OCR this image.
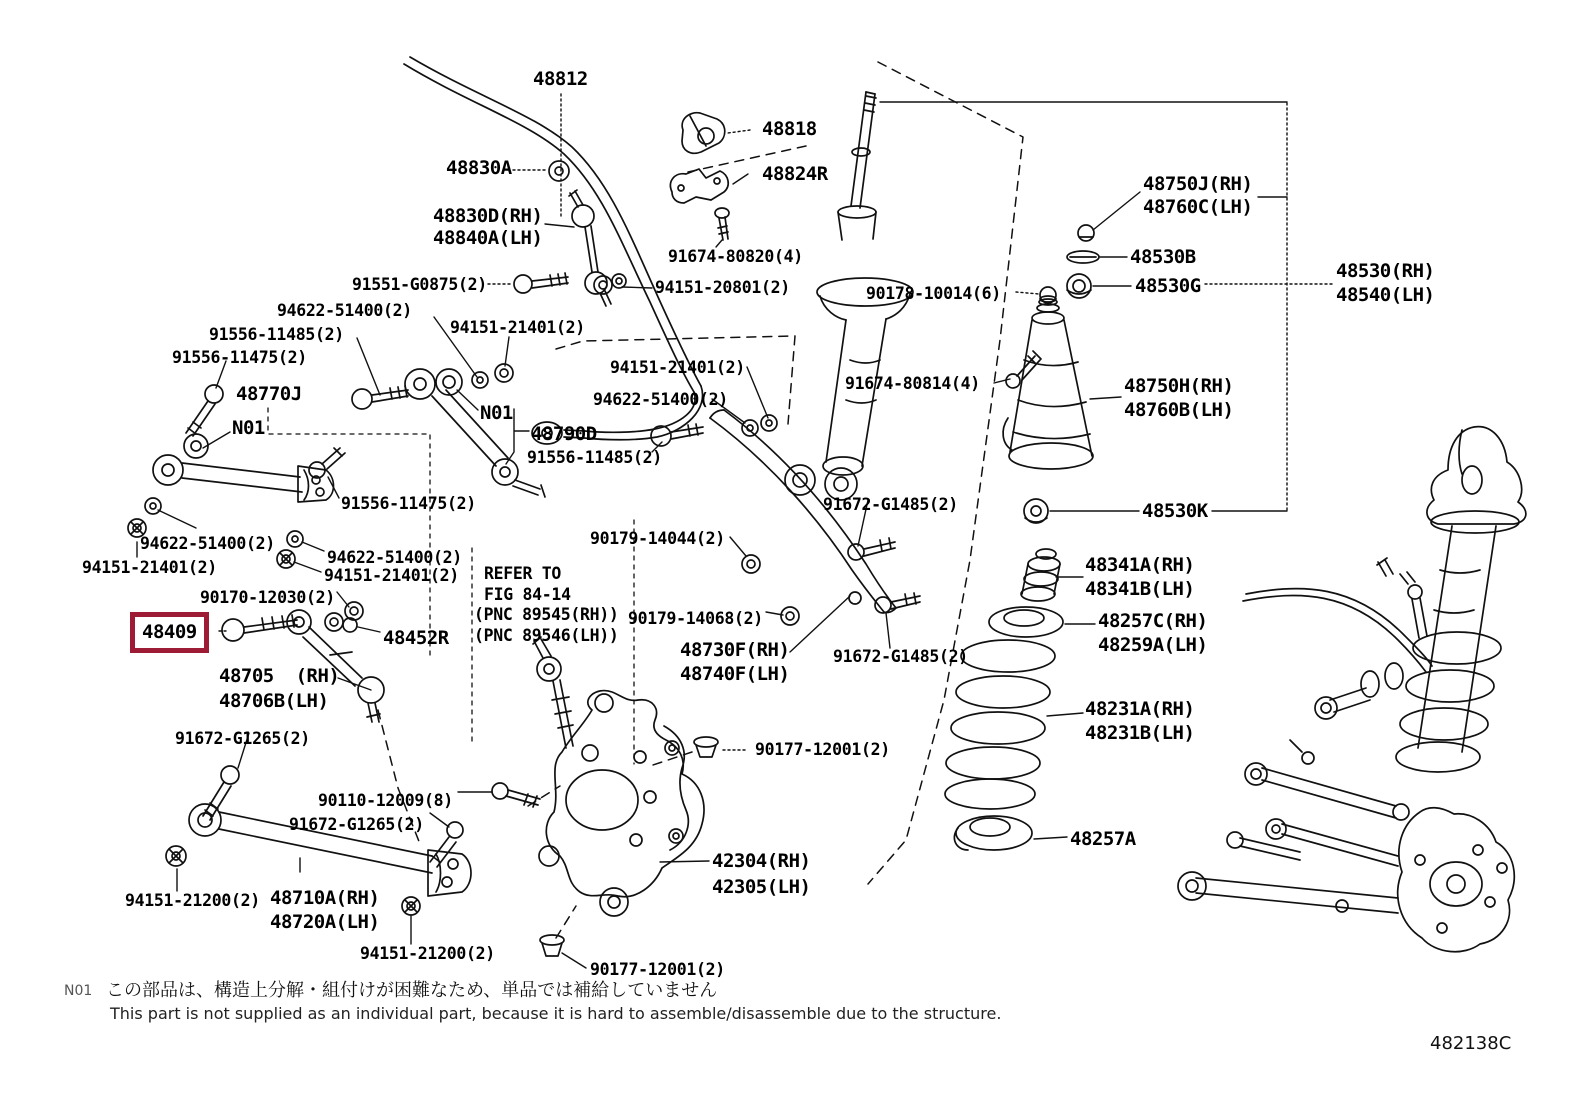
48812
48818
48830A	48824R
48830D(RH)
48840A(LH)
91674-80820(4)
91551-G0875(2)	94151-20801(2)	90178-10014(6)
48750J(RH)
48760C(LH)
48530B
48530G
48530(RH)
48540(LH)
94622-51400(2)
91556-11485(2)	94151-21401(2)
91556-11475(2)
48770J
N01
N01
48790D
94151-21401(2)
94622-51400(2)
91556-11485(2)
91674-80814(4)	48750H(RH)
48760B(LH)
91556-11475(2)	91672-G1485(2)	48530K
94622-51400(2)	90179-14044(2)
94151-21401(2)
94622-51400(2)
94151-21401(2)
90170-12030(2)
REFER TO
FIG 84-14
(PNC 89545(RH))
(PNC 89546(LH))
90179-14068(2)
48409	48452R
48730F(RH)
48740F(LH)
91672-G1485(2)
48341A(RH)
48341B(LH)
48705  (RH)
48706B(LH)
48257C(RH)
48259A(LH)
91672-G1265(2)
48231A(RH)
48231B(LH)
90110-12009(8)
91672-G1265(2)
90177-12001(2)
48257A
94151-21200(2) 48710A(RH)
48720A(LH)
42304(RH)
42305(LH)
94151-21200(2)
90177-12001(2)
N01 この部品は、構造上分解・組付けが困難なため、単品では補給していません
This part is not supplied as an individual part, because it is hard to assemble/disassemble due to the structure.
482138C
